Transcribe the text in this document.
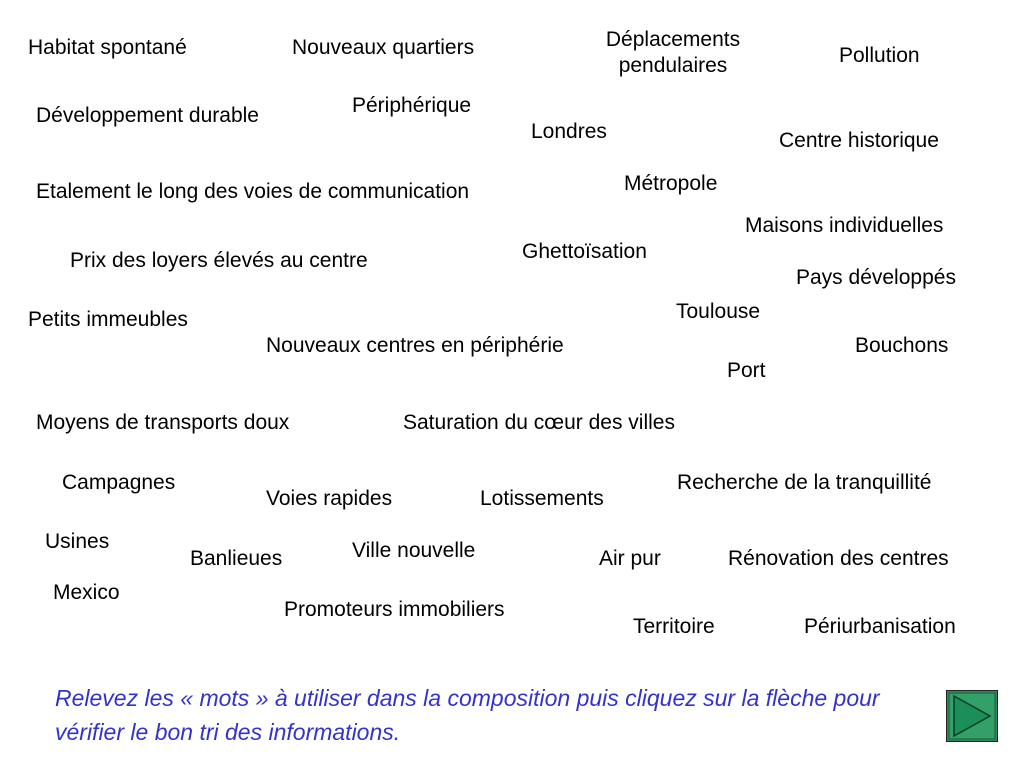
Habitat spontané	Nouveaux quartiers	Déplacements pendulaires	Pollution
Développement durable	Périphérique
Londres	Centre historique
Etalement le long des voies de communication	Métropole
Maisons individuelles
Prix des loyers élevés au centre	Ghettoïsation
Pays développés
Petits immeubles	Toulouse
Nouveaux centres en périphérie	Bouchons
Port
Moyens de transports doux	Saturation du cœur des villes
Campagnes	Recherche de la tranquillité
Voies rapides	Lotissements
Usines	Ville nouvelle
Banlieues	Air pur	Rénovation des centres
Mexico
Promoteurs immobiliers
Territoire	Périurbanisation
Relevez les « mots » à utiliser dans la composition puis cliquez sur la flèche pour vérifier le bon tri des informations.
